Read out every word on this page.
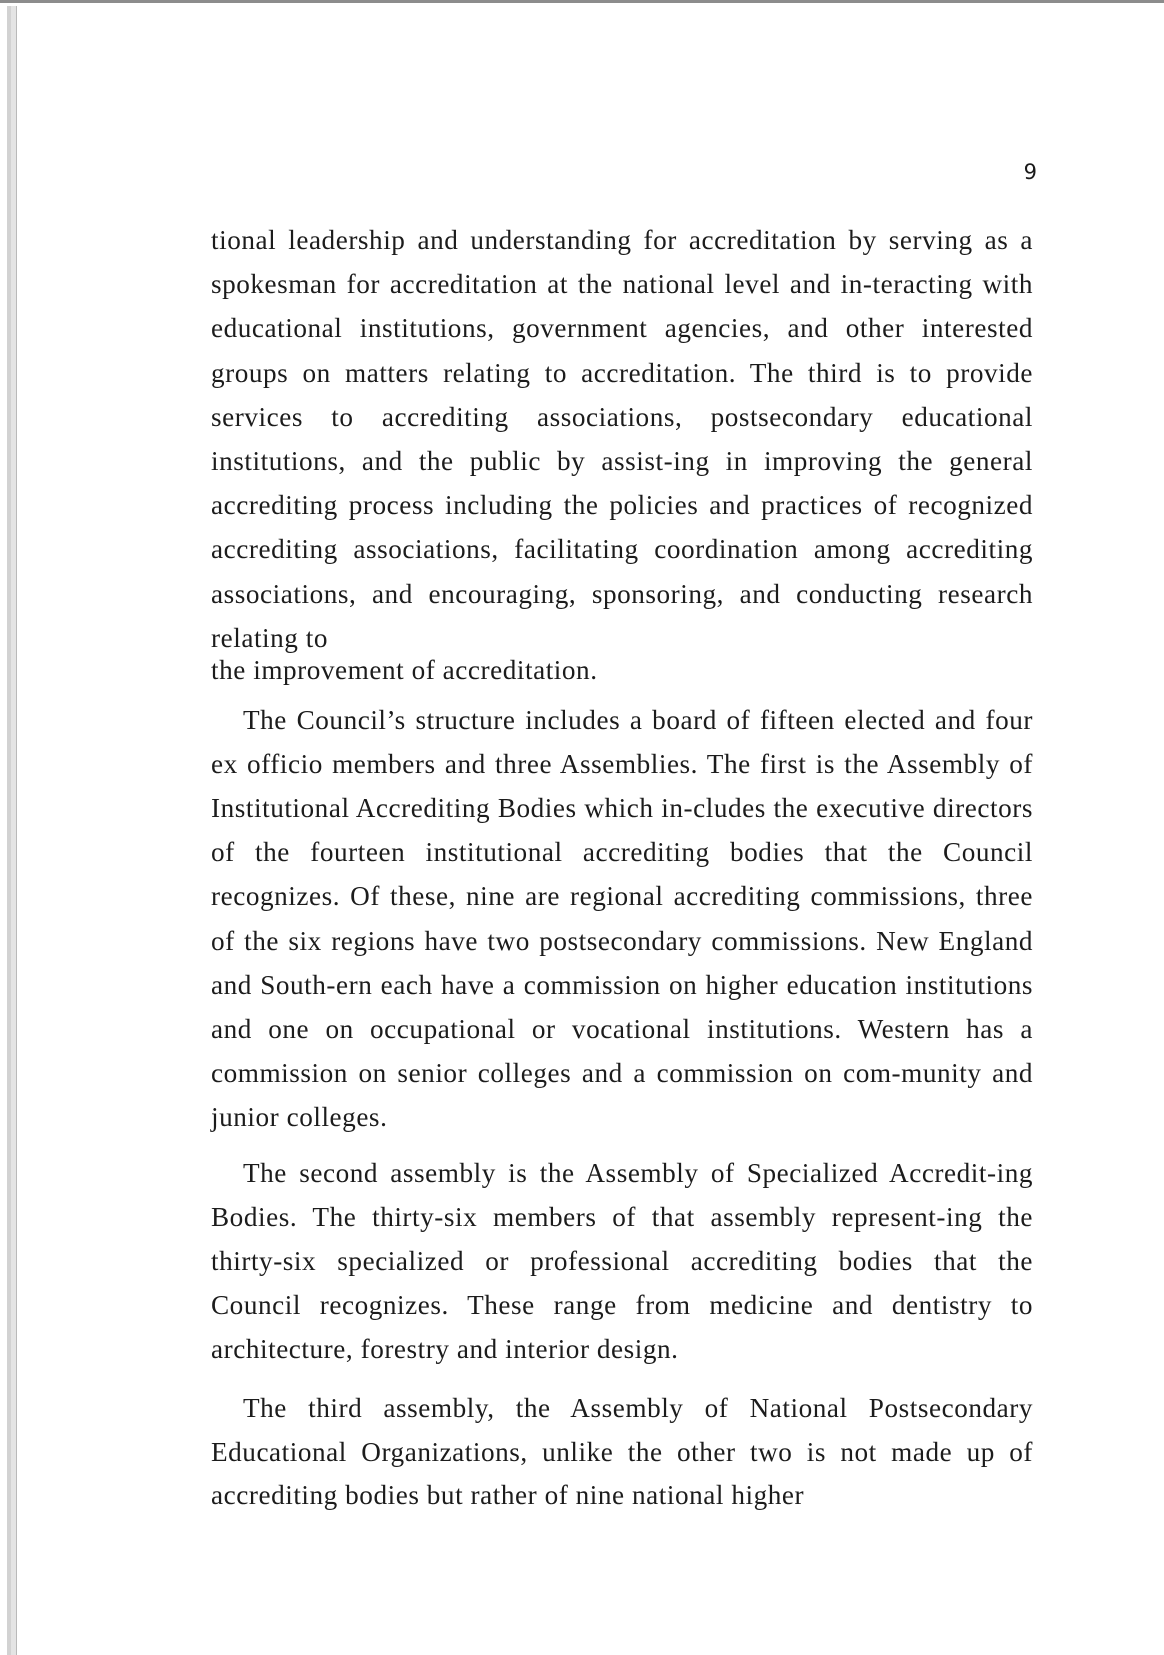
9

tional leadership and understanding for accreditation by serving as a spokesman for accreditation at the national level and in-teracting with educational institutions, government agencies, and other interested groups on matters relating to accreditation. The third is to provide services to accrediting associations, postsecondary educational institutions, and the public by assist-ing in improving the general accrediting process including the policies and practices of recognized accrediting associations, facilitating coordination among accrediting associations, and encouraging, sponsoring, and conducting research relating to
the improvement of accreditation.

The Council’s structure includes a board of fifteen elected and four ex officio members and three Assemblies. The first is the Assembly of Institutional Accrediting Bodies which in-cludes the executive directors of the fourteen institutional accrediting bodies that the Council recognizes. Of these, nine are regional accrediting commissions, three of the six regions have two postsecondary commissions. New England and South-ern each have a commission on higher education institutions and one on occupational or vocational institutions. Western has a commission on senior colleges and a commission on com-munity and junior colleges.

The second assembly is the Assembly of Specialized Accredit-ing Bodies. The thirty-six members of that assembly represent-ing the thirty-six specialized or professional accrediting bodies that the Council recognizes. These range from medicine and dentistry to architecture, forestry and interior design.

The third assembly, the Assembly of National Postsecondary Educational Organizations, unlike the other two is not made up of accrediting bodies but rather of nine national higher
